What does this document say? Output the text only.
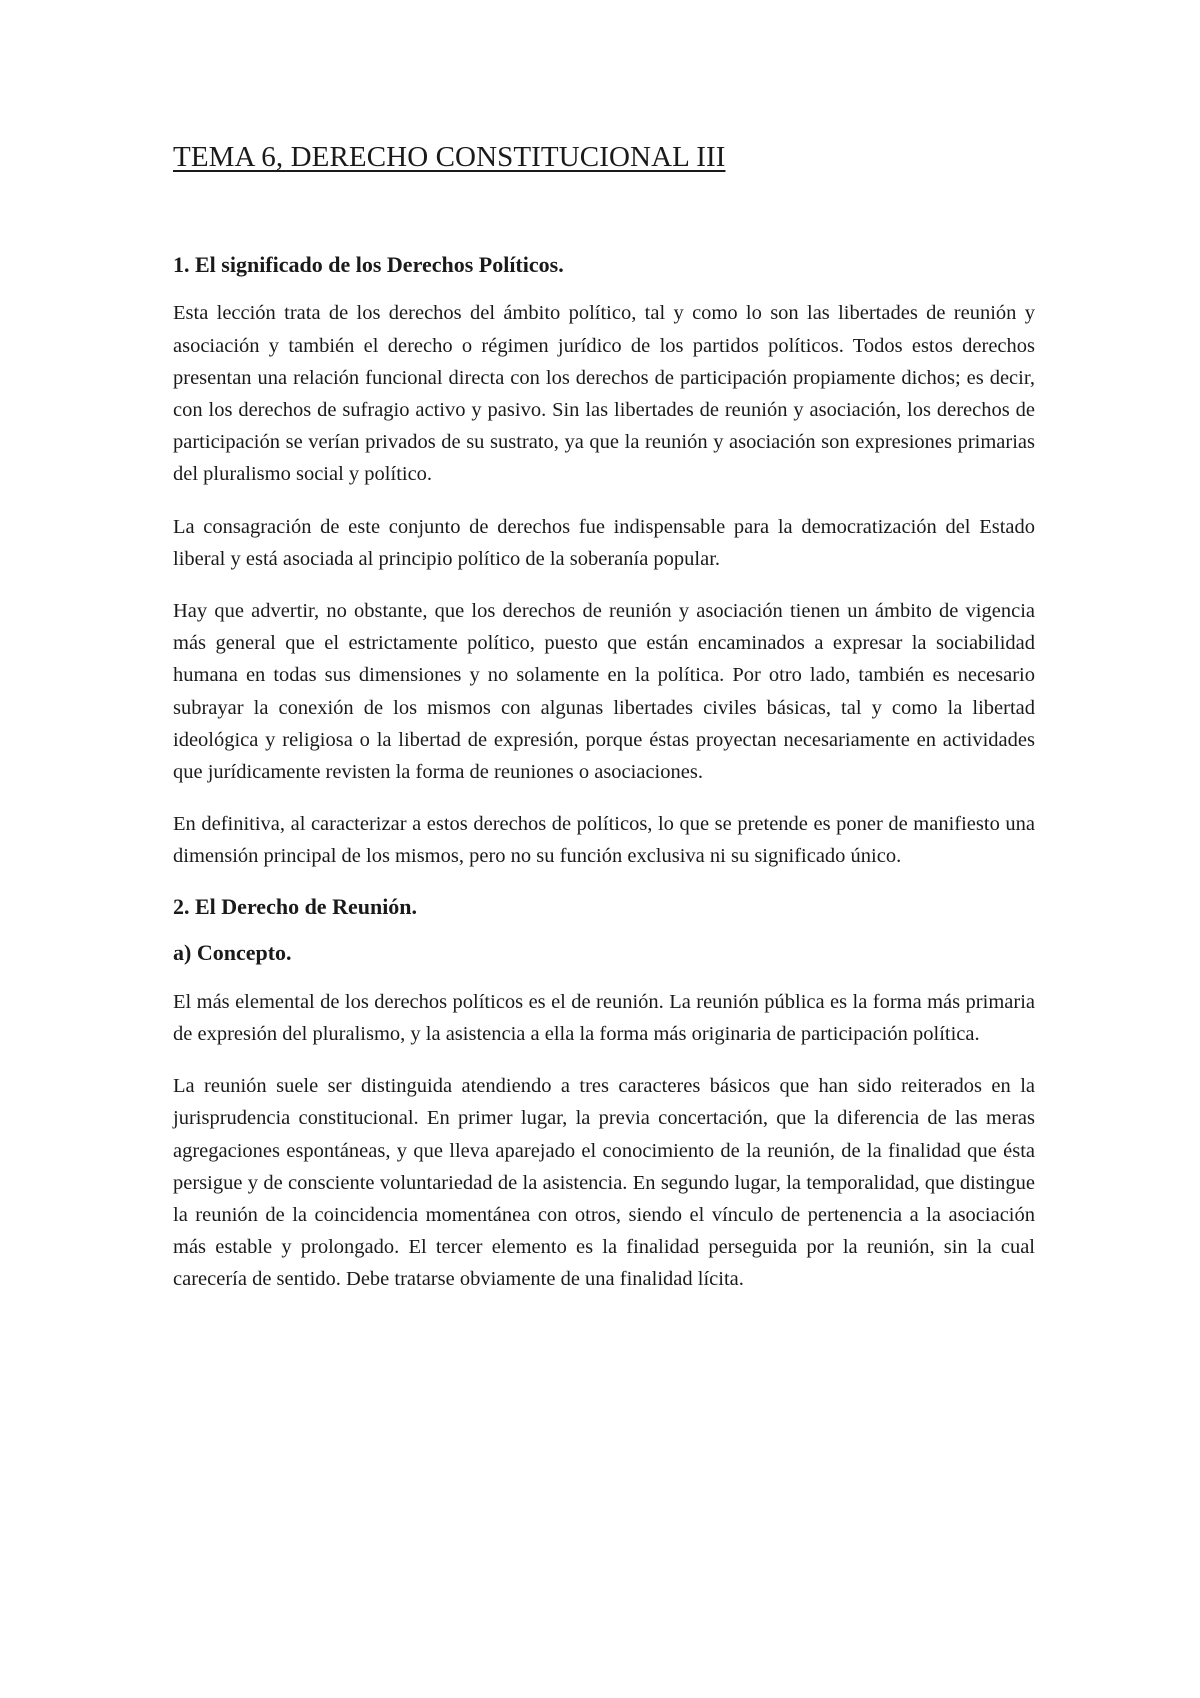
TEMA 6, DERECHO CONSTITUCIONAL III
1. El significado de los Derechos Políticos.

Esta lección trata de los derechos del ámbito político, tal y como lo son las libertades de reunión y asociación y también el derecho o régimen jurídico de los partidos políticos. Todos estos derechos presentan una relación funcional directa con los derechos de participación propiamente dichos; es decir, con los derechos de sufragio activo y pasivo. Sin las libertades de reunión y asociación, los derechos de participación se verían privados de su sustrato, ya que la reunión y asociación son expresiones primarias del pluralismo social y político.

La consagración de este conjunto de derechos fue indispensable para la democratización del Estado liberal y está asociada al principio político de la soberanía popular.

Hay que advertir, no obstante, que los derechos de reunión y asociación tienen un ámbito de vigencia más general que el estrictamente político, puesto que están encaminados a expresar la sociabilidad humana en todas sus dimensiones y no solamente en la política. Por otro lado, también es necesario subrayar la conexión de los mismos con algunas libertades civiles básicas, tal y como la libertad ideológica y religiosa o la libertad de expresión, porque éstas proyectan necesariamente en actividades que jurídicamente revisten la forma de reuniones o asociaciones.

En definitiva, al caracterizar a estos derechos de políticos, lo que se pretende es poner de manifiesto una dimensión principal de los mismos, pero no su función exclusiva ni su significado único.

2. El Derecho de Reunión.
a) Concepto.

El más elemental de los derechos políticos es el de reunión. La reunión pública es la forma más primaria de expresión del pluralismo, y la asistencia a ella la forma más originaria de participación política.

La reunión suele ser distinguida atendiendo a tres caracteres básicos que han sido reiterados en la jurisprudencia constitucional. En primer lugar, la previa concertación, que la diferencia de las meras agregaciones espontáneas, y que lleva aparejado el conocimiento de la reunión, de la finalidad que ésta persigue y de consciente voluntariedad de la asistencia. En segundo lugar, la temporalidad, que distingue la reunión de la coincidencia momentánea con otros, siendo el vínculo de pertenencia a la asociación más estable y prolongado. El tercer elemento es la finalidad perseguida por la reunión, sin la cual carecería de sentido. Debe tratarse obviamente de una finalidad lícita.
